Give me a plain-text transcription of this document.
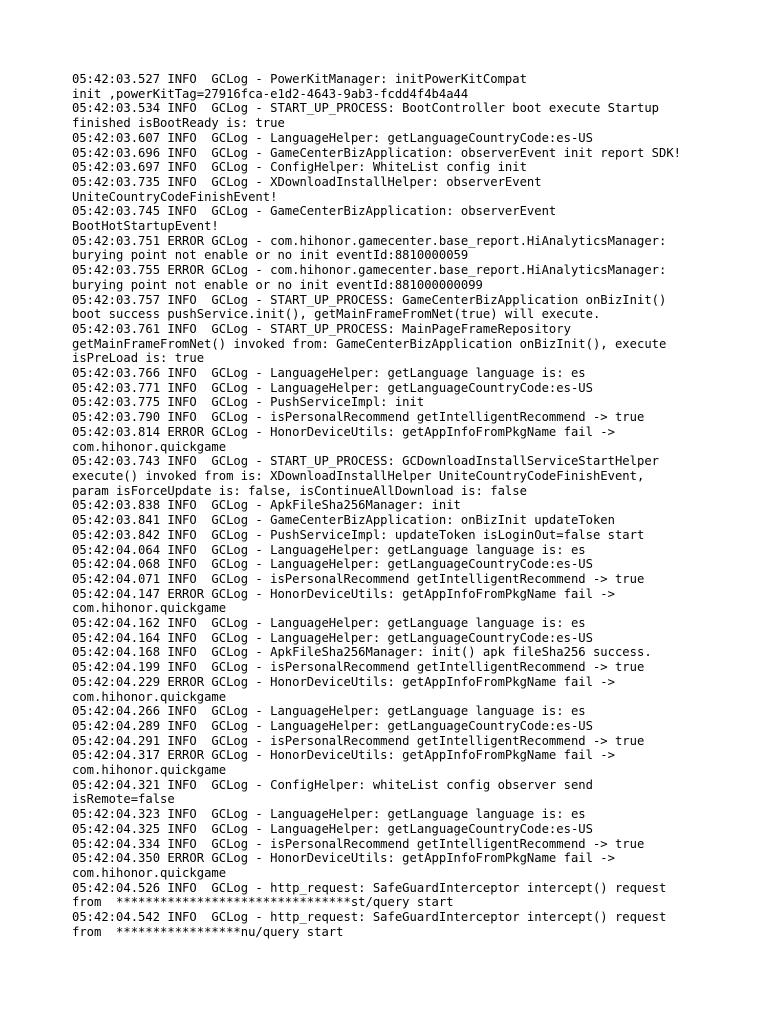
05:42:03.527 INFO  GCLog - PowerKitManager: initPowerKitCompat
init ,powerKitTag=27916fca-e1d2-4643-9ab3-fcdd4f4b4a44
05:42:03.534 INFO  GCLog - START_UP_PROCESS: BootController boot execute Startup
finished isBootReady is: true
05:42:03.607 INFO  GCLog - LanguageHelper: getLanguageCountryCode:es-US
05:42:03.696 INFO  GCLog - GameCenterBizApplication: observerEvent init report SDK!
05:42:03.697 INFO  GCLog - ConfigHelper: WhiteList config init
05:42:03.735 INFO  GCLog - XDownloadInstallHelper: observerEvent
UniteCountryCodeFinishEvent!
05:42:03.745 INFO  GCLog - GameCenterBizApplication: observerEvent
BootHotStartupEvent!
05:42:03.751 ERROR GCLog - com.hihonor.gamecenter.base_report.HiAnalyticsManager:
burying point not enable or no init eventId:8810000059
05:42:03.755 ERROR GCLog - com.hihonor.gamecenter.base_report.HiAnalyticsManager:
burying point not enable or no init eventId:881000000099
05:42:03.757 INFO  GCLog - START_UP_PROCESS: GameCenterBizApplication onBizInit()
boot success pushService.init(), getMainFrameFromNet(true) will execute.
05:42:03.761 INFO  GCLog - START_UP_PROCESS: MainPageFrameRepository
getMainFrameFromNet() invoked from: GameCenterBizApplication onBizInit(), execute
isPreLoad is: true
05:42:03.766 INFO  GCLog - LanguageHelper: getLanguage language is: es
05:42:03.771 INFO  GCLog - LanguageHelper: getLanguageCountryCode:es-US
05:42:03.775 INFO  GCLog - PushServiceImpl: init
05:42:03.790 INFO  GCLog - isPersonalRecommend getIntelligentRecommend -> true
05:42:03.814 ERROR GCLog - HonorDeviceUtils: getAppInfoFromPkgName fail ->
com.hihonor.quickgame
05:42:03.743 INFO  GCLog - START_UP_PROCESS: GCDownloadInstallServiceStartHelper
execute() invoked from is: XDownloadInstallHelper UniteCountryCodeFinishEvent,
param isForceUpdate is: false, isContinueAllDownload is: false
05:42:03.838 INFO  GCLog - ApkFileSha256Manager: init
05:42:03.841 INFO  GCLog - GameCenterBizApplication: onBizInit updateToken
05:42:03.842 INFO  GCLog - PushServiceImpl: updateToken isLoginOut=false start
05:42:04.064 INFO  GCLog - LanguageHelper: getLanguage language is: es
05:42:04.068 INFO  GCLog - LanguageHelper: getLanguageCountryCode:es-US
05:42:04.071 INFO  GCLog - isPersonalRecommend getIntelligentRecommend -> true
05:42:04.147 ERROR GCLog - HonorDeviceUtils: getAppInfoFromPkgName fail ->
com.hihonor.quickgame
05:42:04.162 INFO  GCLog - LanguageHelper: getLanguage language is: es
05:42:04.164 INFO  GCLog - LanguageHelper: getLanguageCountryCode:es-US
05:42:04.168 INFO  GCLog - ApkFileSha256Manager: init() apk fileSha256 success.
05:42:04.199 INFO  GCLog - isPersonalRecommend getIntelligentRecommend -> true
05:42:04.229 ERROR GCLog - HonorDeviceUtils: getAppInfoFromPkgName fail ->
com.hihonor.quickgame
05:42:04.266 INFO  GCLog - LanguageHelper: getLanguage language is: es
05:42:04.289 INFO  GCLog - LanguageHelper: getLanguageCountryCode:es-US
05:42:04.291 INFO  GCLog - isPersonalRecommend getIntelligentRecommend -> true
05:42:04.317 ERROR GCLog - HonorDeviceUtils: getAppInfoFromPkgName fail ->
com.hihonor.quickgame
05:42:04.321 INFO  GCLog - ConfigHelper: whiteList config observer send
isRemote=false
05:42:04.323 INFO  GCLog - LanguageHelper: getLanguage language is: es
05:42:04.325 INFO  GCLog - LanguageHelper: getLanguageCountryCode:es-US
05:42:04.334 INFO  GCLog - isPersonalRecommend getIntelligentRecommend -> true
05:42:04.350 ERROR GCLog - HonorDeviceUtils: getAppInfoFromPkgName fail ->
com.hihonor.quickgame
05:42:04.526 INFO  GCLog - http_request: SafeGuardInterceptor intercept() request
from  ********************************st/query start
05:42:04.542 INFO  GCLog - http_request: SafeGuardInterceptor intercept() request
from  *****************nu/query start
